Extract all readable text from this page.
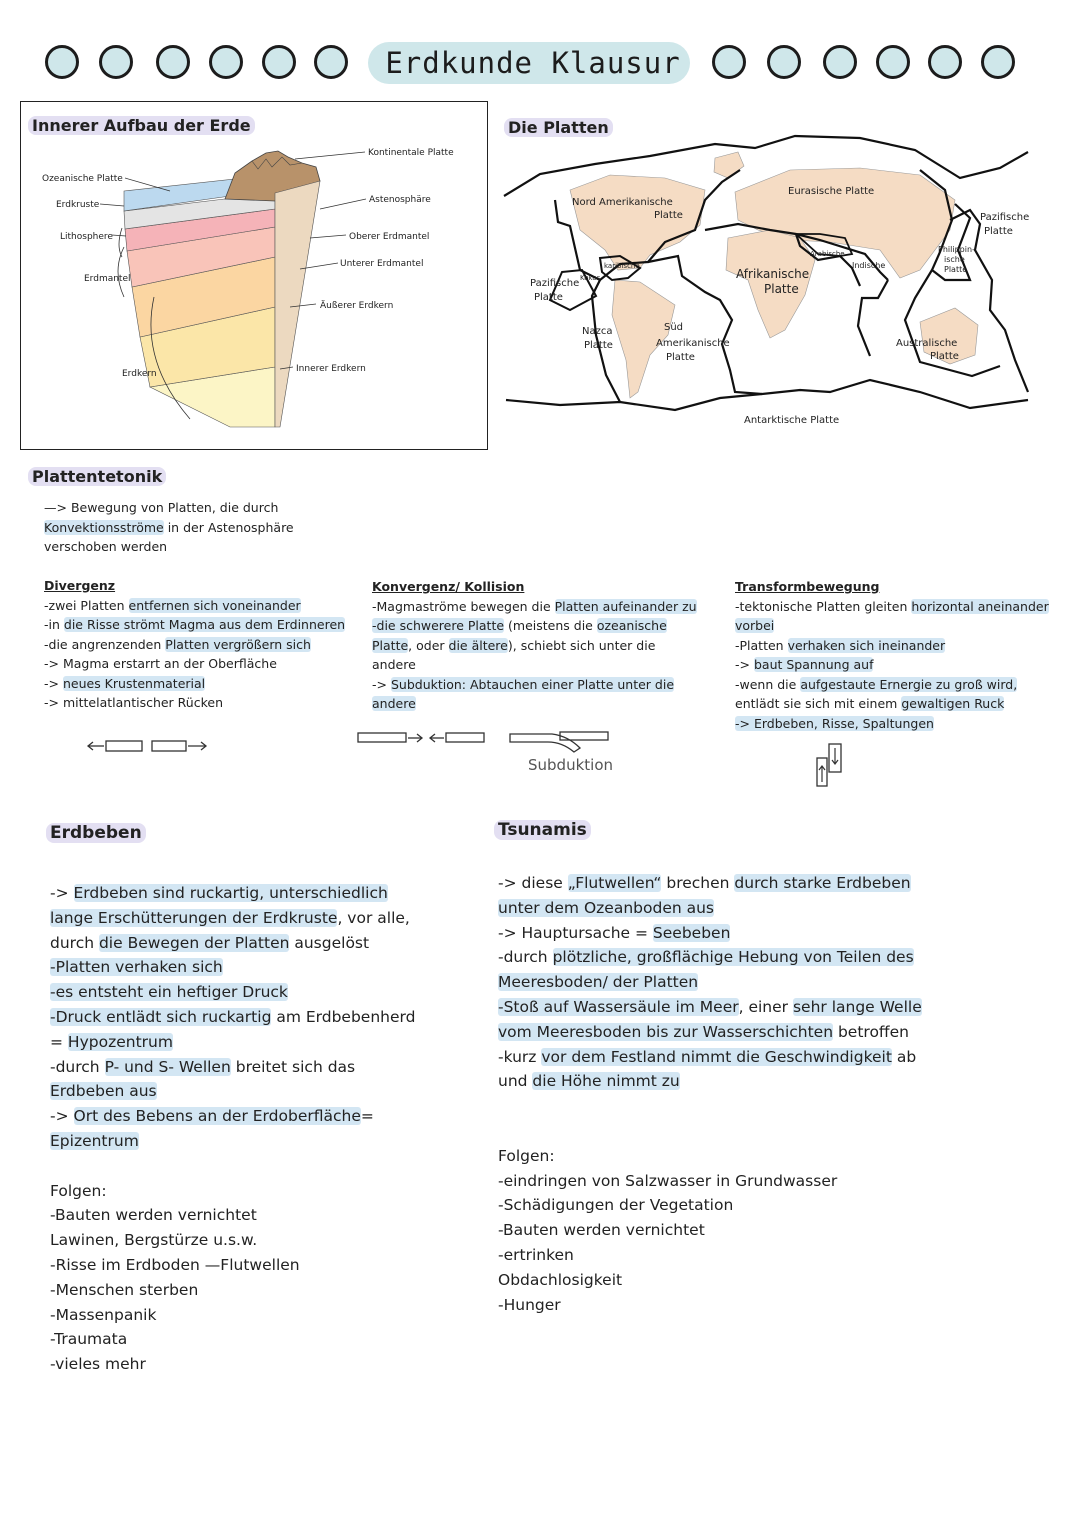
Erdkunde Klausur
Innerer Aufbau der Erde
Ozeanische Platte
Erdkruste
Lithosphere
Erdmantel
Erdkern
Kontinentale Platte
Astenosphäre
Oberer Erdmantel
Unterer Erdmantel
Äußerer Erdkern
Innerer Erdkern
Die Platten
Nord Amerikanische
Platte
Eurasische Platte
Pazifische
Platte
karibische
Kokos
Arabische
Indische
Afrikanische
Platte
Philippin-
ische
Platte
Pazifische
Platte
Nazca
Platte
Süd
Amerikanische
Platte
Australische
Platte
Antarktische Platte
Plattentetonik
—> Bewegung von Platten, die durch
Konvektionsströme in der Astenosphäre
verschoben werden
Divergenz
-zwei Platten entfernen sich voneinander
-in die Risse strömt Magma aus dem Erdinneren
-die angrenzenden Platten vergrößern sich
-> Magma erstarrt an der Oberfläche
-> neues Krustenmaterial
-> mittelatlantischer Rücken
Konvergenz/ Kollision
-Magmaströme bewegen die Platten aufeinander zu
-die schwerere Platte (meistens die ozeanische
Platte, oder die ältere), schiebt sich unter die
andere
-> Subduktion: Abtauchen einer Platte unter die
andere
Subduktion
Transformbewegung
-tektonische Platten gleiten horizontal aneinander
vorbei
-Platten verhaken sich ineinander
-> baut Spannung auf
-wenn die aufgestaute Ernergie zu groß wird,
entlädt sie sich mit einem gewaltigen Ruck
-> Erdbeben, Risse, Spaltungen
Erdbeben
-> Erdbeben sind ruckartig, unterschiedlich
lange Erschütterungen der Erdkruste, vor alle,
durch die Bewegen der Platten ausgelöst
-Platten verhaken sich
-es entsteht ein heftiger Druck
-Druck entlädt sich ruckartig am Erdbebenherd
= Hypozentrum
-durch P- und S- Wellen breitet sich das
Erdbeben aus
-> Ort des Bebens an der Erdoberfläche=
Epizentrum
Folgen:
-Bauten werden vernichtet
Lawinen, Bergstürze u.s.w.
-Risse im Erdboden —Flutwellen
-Menschen sterben
-Massenpanik
-Traumata
-vieles mehr
Tsunamis
-> diese „Flutwellen“ brechen durch starke Erdbeben
unter dem Ozeanboden aus
-> Hauptursache = Seebeben
-durch plötzliche, großflächige Hebung von Teilen des
Meeresboden/ der Platten
-Stoß auf Wassersäule im Meer, einer sehr lange Welle
vom Meeresboden bis zur Wasserschichten betroffen
-kurz vor dem Festland nimmt die Geschwindigkeit ab
und die Höhe nimmt zu
Folgen:
-eindringen von Salzwasser in Grundwasser
-Schädigungen der Vegetation
-Bauten werden vernichtet
-ertrinken
Obdachlosigkeit
-Hunger
